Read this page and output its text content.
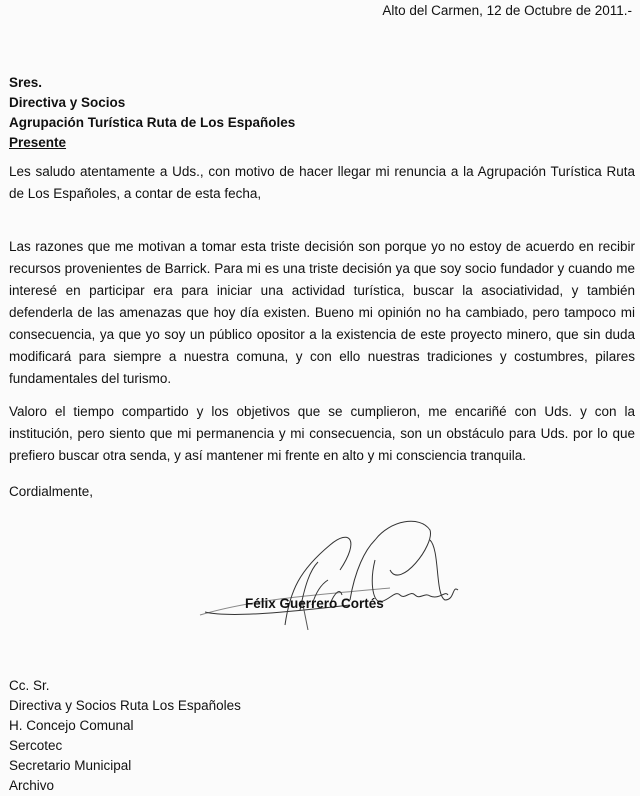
Alto del Carmen, 12 de Octubre de 2011.-
Sres.
Directiva y Socios
Agrupación Turística Ruta de Los Españoles
Presente
Les saludo atentamente a Uds., con motivo de hacer llegar mi renuncia a la Agrupación Turística Ruta de Los Españoles, a contar de esta fecha,
Las razones que me motivan a tomar esta triste decisión son porque yo no estoy de acuerdo en recibir recursos provenientes de Barrick. Para mi es una triste decisión ya que soy socio fundador y cuando me interesé en participar era para iniciar una actividad turística, buscar la asociatividad, y también defenderla de las amenazas que hoy día existen. Bueno mi opinión no ha cambiado, pero tampoco mi consecuencia, ya que yo soy un público opositor a la existencia de este proyecto minero, que sin duda modificará para siempre a nuestra comuna, y con ello nuestras tradiciones y costumbres, pilares fundamentales del turismo.
Valoro el tiempo compartido y los objetivos que se cumplieron, me encariñé con Uds. y con la institución, pero siento que mi permanencia y mi consecuencia, son un obstáculo para Uds. por lo que prefiero buscar otra senda, y así mantener mi frente en alto y mi consciencia tranquila.
Cordialmente,
Félix Guerrero Cortés
Cc. Sr.
Directiva y Socios Ruta Los Españoles
H. Concejo Comunal
Sercotec
Secretario Municipal
Archivo
